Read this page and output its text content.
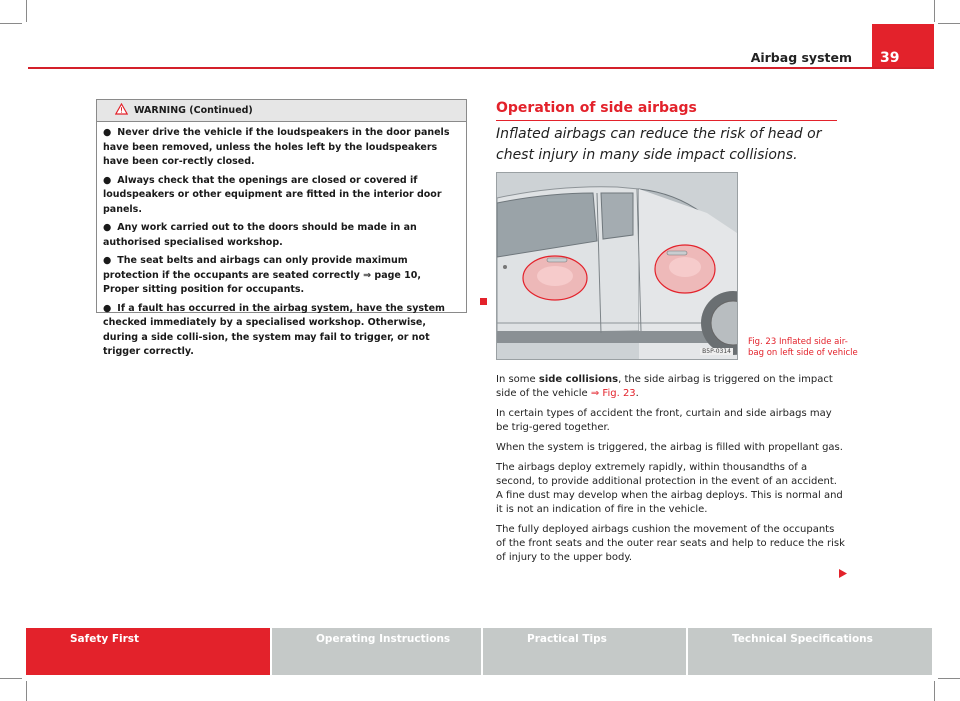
Airbag system	39
WARNING (Continued)
● Never drive the vehicle if the loudspeakers in the door panels have been removed, unless the holes left by the loudspeakers have been cor-rectly closed.
● Always check that the openings are closed or covered if loudspeakers or other equipment are fitted in the interior door panels.
● Any work carried out to the doors should be made in an authorised specialised workshop.
● The seat belts and airbags can only provide maximum protection if the occupants are seated correctly ⇒ page 10, Proper sitting position for occupants.
● If a fault has occurred in the airbag system, have the system checked immediately by a specialised workshop. Otherwise, during a side colli-sion, the system may fail to trigger, or not trigger correctly.
Operation of side airbags
Inflated airbags can reduce the risk of head or chest injury in many side impact collisions.
B5P-0314
Fig. 23 Inflated side air-bag on left side of vehicle

In some side collisions, the side airbag is triggered on the impact side of the vehicle ⇒ Fig. 23.

In certain types of accident the front, curtain and side airbags may be trig-gered together.

When the system is triggered, the airbag is filled with propellant gas.

The airbags deploy extremely rapidly, within thousandths of a second, to provide additional protection in the event of an accident. A fine dust may develop when the airbag deploys. This is normal and it is not an indication of fire in the vehicle.

The fully deployed airbags cushion the movement of the occupants of the front seats and the outer rear seats and help to reduce the risk of injury to the upper body.

Safety First	Operating Instructions	Practical Tips	Technical Specifications
